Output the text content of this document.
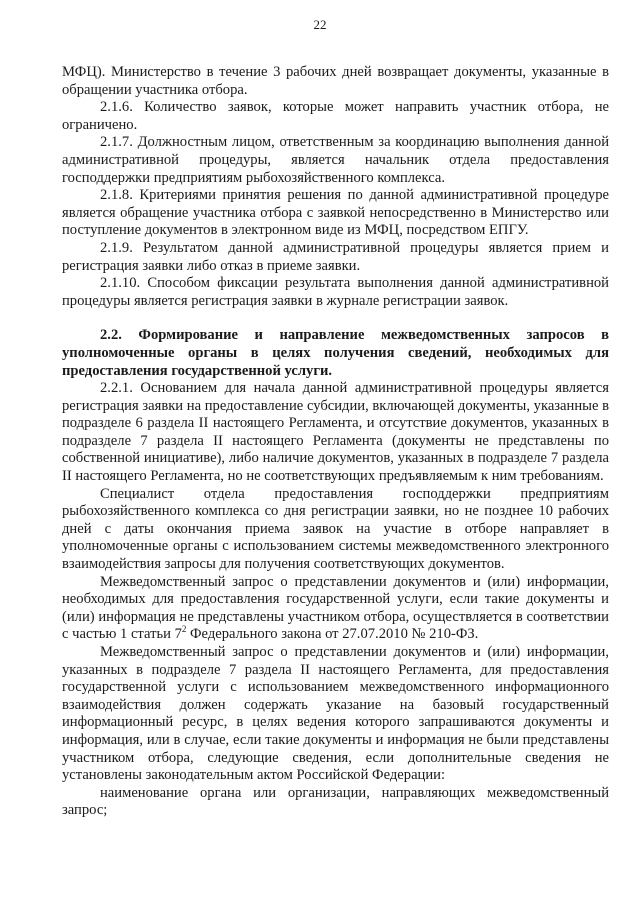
22

МФЦ). Министерство в течение 3 рабочих дней возвращает документы, указанные в обращении участника отбора.

2.1.6. Количество заявок, которые может направить участник отбора, не ограничено.

2.1.7. Должностным лицом, ответственным за координацию выполнения данной административной процедуры, является начальник отдела предоставления господдержки предприятиям рыбохозяйственного комплекса.

2.1.8. Критериями принятия решения по данной административной процедуре является обращение участника отбора с заявкой непосредственно в Министерство или поступление документов в электронном виде из МФЦ, посредством ЕПГУ.

2.1.9. Результатом данной административной процедуры является прием и регистрация заявки либо отказ в приеме заявки.

2.1.10. Способом фиксации результата выполнения данной административной процедуры является регистрация заявки в журнале регистрации заявок.

2.2. Формирование и направление межведомственных запросов в уполномоченные органы в целях получения сведений, необходимых для предоставления государственной услуги.

2.2.1. Основанием для начала данной административной процедуры является регистрация заявки на предоставление субсидии, включающей документы, указанные в подразделе 6 раздела II настоящего Регламента, и отсутствие документов, указанных в подразделе 7 раздела II настоящего Регламента (документы не представлены по собственной инициативе), либо наличие документов, указанных в подразделе 7 раздела II настоящего Регламента, но не соответствующих предъявляемым к ним требованиям.

Специалист отдела предоставления господдержки предприятиям рыбохозяйственного комплекса со дня регистрации заявки, но не позднее 10 рабочих дней с даты окончания приема заявок на участие в отборе направляет в уполномоченные органы с использованием системы межведомственного электронного взаимодействия запросы для получения соответствующих документов.

Межведомственный запрос о представлении документов и (или) информации, необходимых для предоставления государственной услуги, если такие документы и (или) информация не представлены участником отбора, осуществляется в соответствии с частью 1 статьи $7^2$ Федерального закона от 27.07.2010 № 210-ФЗ.

Межведомственный запрос о представлении документов и (или) информации, указанных в подразделе 7 раздела II настоящего Регламента, для предоставления государственной услуги с использованием межведомственного информационного взаимодействия должен содержать указание на базовый государственный информационный ресурс, в целях ведения которого запрашиваются документы и информация, или в случае, если такие документы и информация не были представлены участником отбора, следующие сведения, если дополнительные сведения не установлены законодательным актом Российской Федерации:

наименование органа или организации, направляющих межведомственный запрос;
